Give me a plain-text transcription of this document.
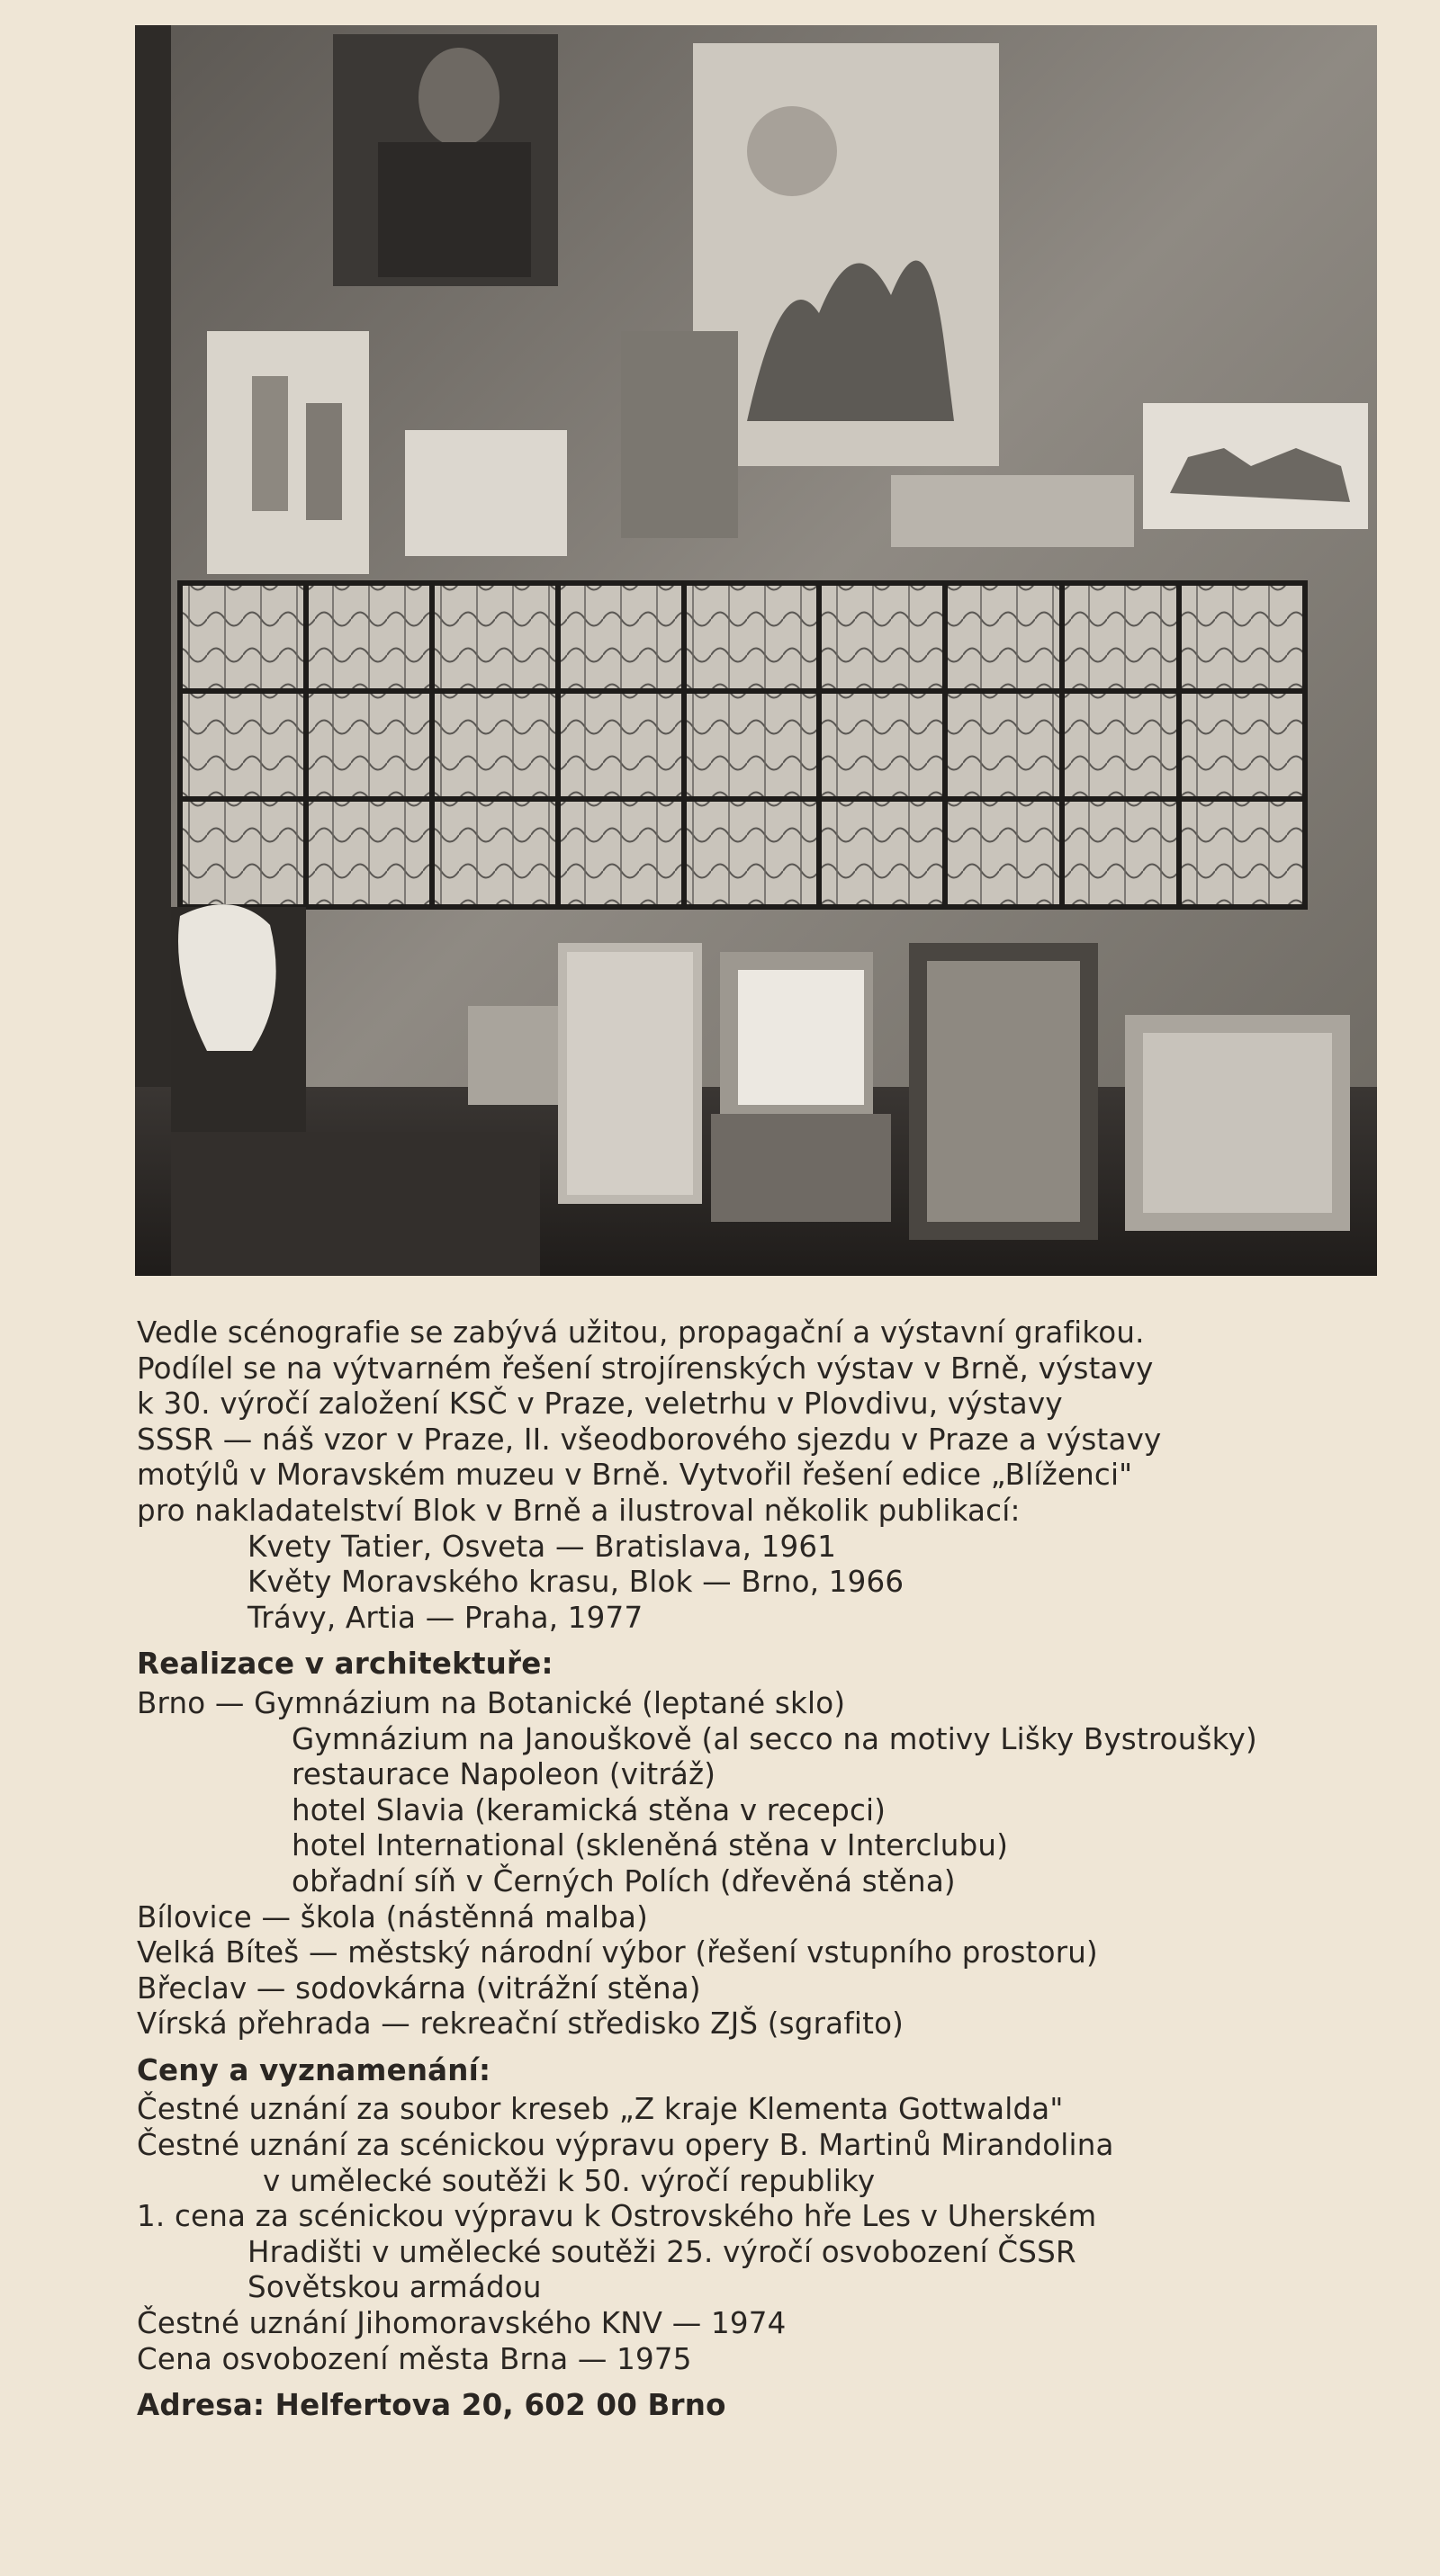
Vedle scénografie se zabývá užitou, propagační a výstavní grafikou.
Podílel se na výtvarném řešení strojírenských výstav v Brně, výstavy
k 30. výročí založení KSČ v Praze, veletrhu v Plovdivu, výstavy
SSSR — náš vzor v Praze, II. všeodborového sjezdu v Praze a výstavy
motýlů v Moravském muzeu v Brně. Vytvořil řešení edice „Blíženci"
pro nakladatelství Blok v Brně a ilustroval několik publikací:
Kvety Tatier, Osveta — Bratislava, 1961
Květy Moravského krasu, Blok — Brno, 1966
Trávy, Artia — Praha, 1977
Realizace v architektuře:
Brno — Gymnázium na Botanické (leptané sklo)
Gymnázium na Janouškově (al secco na motivy Lišky Bystroušky)
restaurace Napoleon (vitráž)
hotel Slavia (keramická stěna v recepci)
hotel International (skleněná stěna v Interclubu)
obřadní síň v Černých Polích (dřevěná stěna)
Bílovice — škola (nástěnná malba)
Velká Bíteš — městský národní výbor (řešení vstupního prostoru)
Břeclav — sodovkárna (vitrážní stěna)
Vírská přehrada — rekreační středisko ZJŠ (sgrafito)
Ceny a vyznamenání:
Čestné uznání za soubor kreseb „Z kraje Klementa Gottwalda"
Čestné uznání za scénickou výpravu opery B. Martinů Mirandolina
v umělecké soutěži k 50. výročí republiky
1. cena za scénickou výpravu k Ostrovského hře Les v Uherském
Hradišti v umělecké soutěži 25. výročí osvobození ČSSR
Sovětskou armádou
Čestné uznání Jihomoravského KNV — 1974
Cena osvobození města Brna — 1975
Adresa: Helfertova 20, 602 00 Brno
